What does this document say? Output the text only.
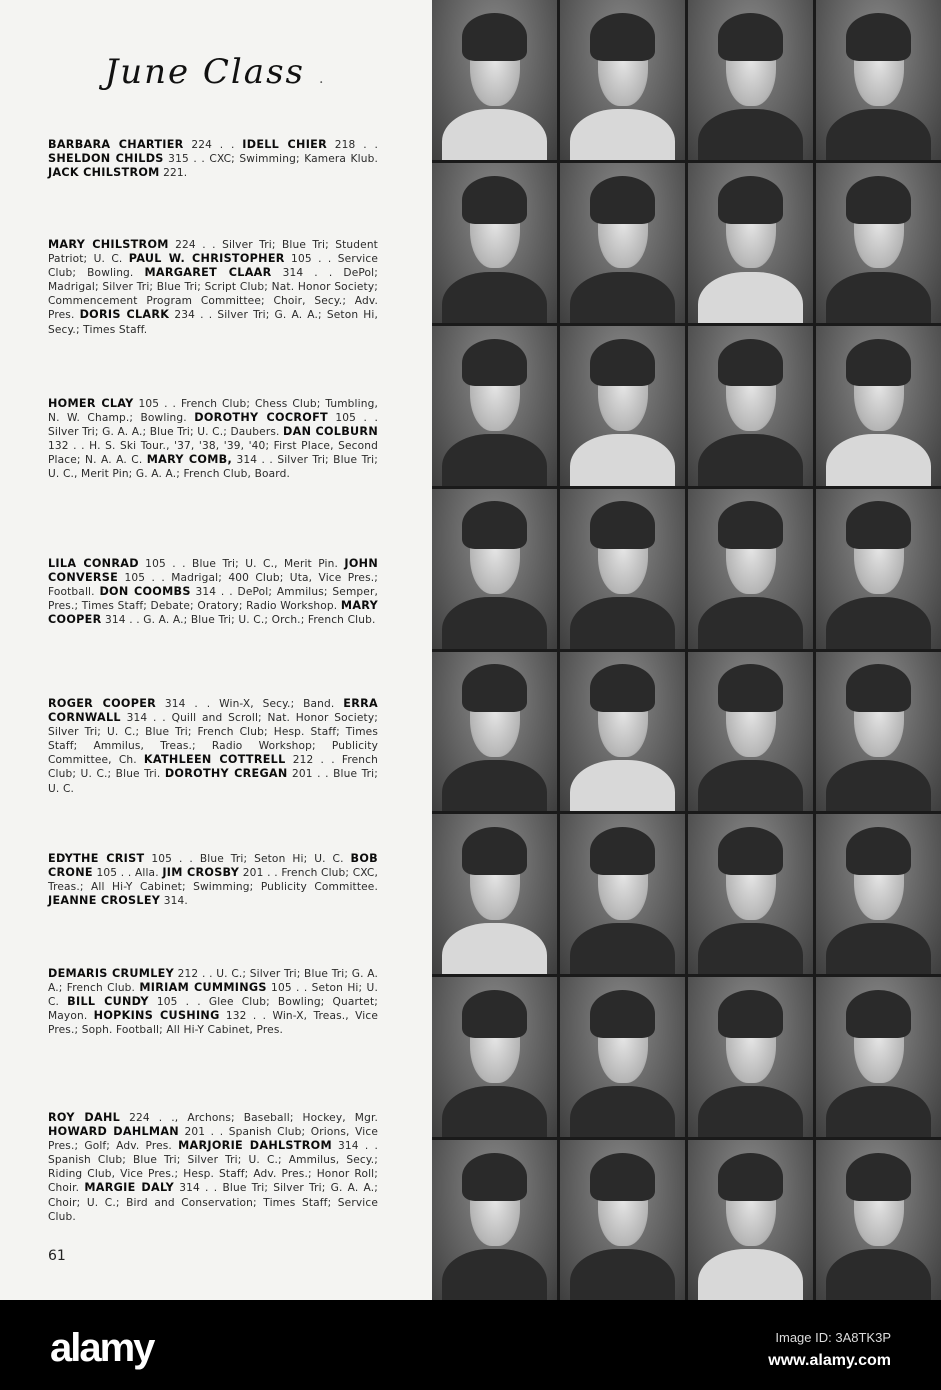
June Class .
BARBARA CHARTIER 224 . . IDELL CHIER 218 . . SHELDON CHILDS 315 . . CXC; Swimming; Kamera Klub. JACK CHILSTROM 221.
MARY CHILSTROM 224 . . Silver Tri; Blue Tri; Student Patriot; U. C. PAUL W. CHRISTOPHER 105 . . Service Club; Bowling. MARGARET CLAAR 314 . . DePol; Madrigal; Silver Tri; Blue Tri; Script Club; Nat. Honor Society; Commencement Program Committee; Choir, Secy.; Adv. Pres. DORIS CLARK 234 . . Silver Tri; G. A. A.; Seton Hi, Secy.; Times Staff.
HOMER CLAY 105 . . French Club; Chess Club; Tumbling, N. W. Champ.; Bowling. DOROTHY COCROFT 105 . . Silver Tri; G. A. A.; Blue Tri; U. C.; Daubers. DAN COLBURN 132 . . H. S. Ski Tour., '37, '38, '39, '40; First Place, Second Place; N. A. A. C. MARY COMB, 314 . . Silver Tri; Blue Tri; U. C., Merit Pin; G. A. A.; French Club, Board.
LILA CONRAD 105 . . Blue Tri; U. C., Merit Pin. JOHN CONVERSE 105 . . Madrigal; 400 Club; Uta, Vice Pres.; Football. DON COOMBS 314 . . DePol; Ammilus; Semper, Pres.; Times Staff; Debate; Oratory; Radio Workshop. MARY COOPER 314 . . G. A. A.; Blue Tri; U. C.; Orch.; French Club.
ROGER COOPER 314 . . Win-X, Secy.; Band. ERRA CORNWALL 314 . . Quill and Scroll; Nat. Honor Society; Silver Tri; U. C.; Blue Tri; French Club; Hesp. Staff; Times Staff; Ammilus, Treas.; Radio Workshop; Publicity Committee, Ch. KATHLEEN COTTRELL 212 . . French Club; U. C.; Blue Tri. DOROTHY CREGAN 201 . . Blue Tri; U. C.
EDYTHE CRIST 105 . . Blue Tri; Seton Hi; U. C. BOB CRONE 105 . . Alla. JIM CROSBY 201 . . French Club; CXC, Treas.; All Hi-Y Cabinet; Swimming; Publicity Committee. JEANNE CROSLEY 314.
DEMARIS CRUMLEY 212 . . U. C.; Silver Tri; Blue Tri; G. A. A.; French Club. MIRIAM CUMMINGS 105 . . Seton Hi; U. C. BILL CUNDY 105 . . Glee Club; Bowling; Quartet; Mayon. HOPKINS CUSHING 132 . . Win-X, Treas., Vice Pres.; Soph. Football; All Hi-Y Cabinet, Pres.
ROY DAHL 224 . ., Archons; Baseball; Hockey, Mgr. HOWARD DAHLMAN 201 . . Spanish Club; Orions, Vice Pres.; Golf; Adv. Pres. MARJORIE DAHLSTROM 314 . . Spanish Club; Blue Tri; Silver Tri; U. C.; Ammilus, Secy.; Riding Club, Vice Pres.; Hesp. Staff; Adv. Pres.; Honor Roll; Choir. MARGIE DALY 314 . . Blue Tri; Silver Tri; G. A. A.; Choir; U. C.; Bird and Conservation; Times Staff; Service Club.
61
alamy	Image ID: 3A8TK3P
www.alamy.com
